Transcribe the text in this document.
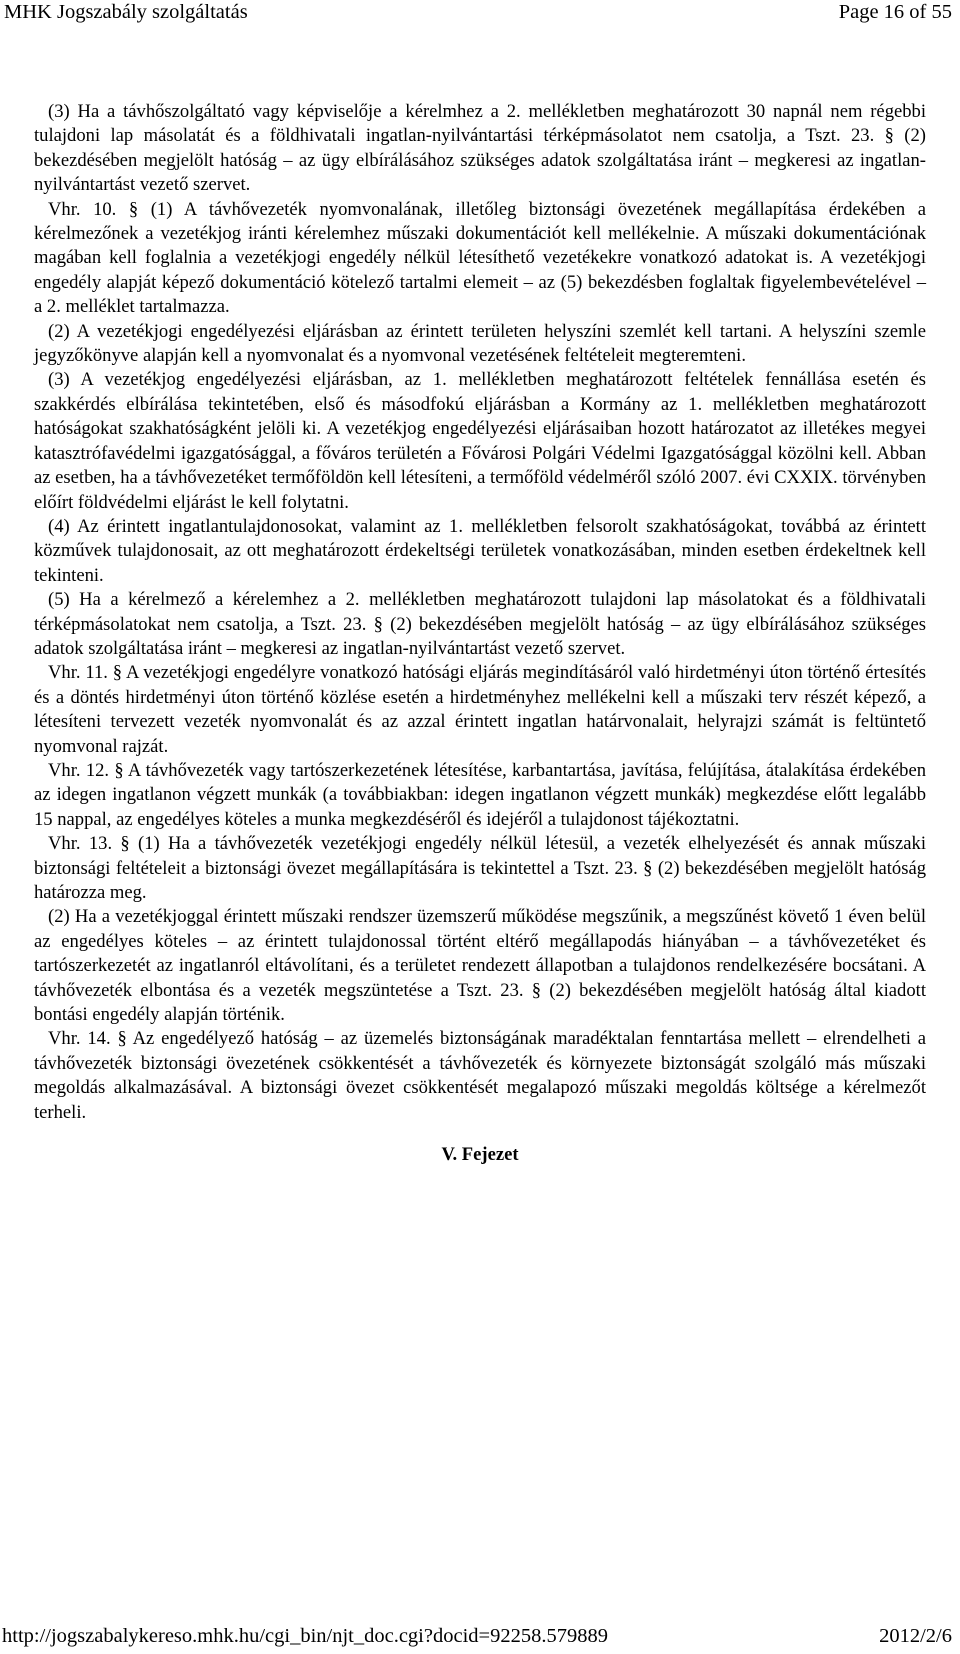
MHK Jogszabály szolgáltatás	Page 16 of 55

(3) Ha a távhőszolgáltató vagy képviselője a kérelmhez a 2. mellékletben meghatározott 30 napnál nem régebbi tulajdoni lap másolatát és a földhivatali ingatlan-nyilvántartási térképmásolatot nem csatolja, a Tszt. 23. § (2) bekezdésében megjelölt hatóság – az ügy elbírálásához szükséges adatok szolgáltatása iránt – megkeresi az ingatlan-nyilvántartást vezető szervet.

Vhr. 10. § (1) A távhővezeték nyomvonalának, illetőleg biztonsági övezetének megállapítása érdekében a kérelmezőnek a vezetékjog iránti kérelemhez műszaki dokumentációt kell mellékelnie. A műszaki dokumentációnak magában kell foglalnia a vezetékjogi engedély nélkül létesíthető vezetékekre vonatkozó adatokat is. A vezetékjogi engedély alapját képező dokumentáció kötelező tartalmi elemeit – az (5) bekezdésben foglaltak figyelembevételével – a 2. melléklet tartalmazza.

(2) A vezetékjogi engedélyezési eljárásban az érintett területen helyszíni szemlét kell tartani. A helyszíni szemle jegyzőkönyve alapján kell a nyomvonalat és a nyomvonal vezetésének feltételeit megteremteni.

(3) A vezetékjog engedélyezési eljárásban, az 1. mellékletben meghatározott feltételek fennállása esetén és szakkérdés elbírálása tekintetében, első és másodfokú eljárásban a Kormány az 1. mellékletben meghatározott hatóságokat szakhatóságként jelöli ki. A vezetékjog engedélyezési eljárásaiban hozott határozatot az illetékes megyei katasztrófavédelmi igazgatósággal, a főváros területén a Fővárosi Polgári Védelmi Igazgatósággal közölni kell. Abban az esetben, ha a távhővezetéket termőföldön kell létesíteni, a termőföld védelméről szóló 2007. évi CXXIX. törvényben előírt földvédelmi eljárást le kell folytatni.

(4) Az érintett ingatlantulajdonosokat, valamint az 1. mellékletben felsorolt szakhatóságokat, továbbá az érintett közművek tulajdonosait, az ott meghatározott érdekeltségi területek vonatkozásában, minden esetben érdekeltnek kell tekinteni.

(5) Ha a kérelmező a kérelemhez a 2. mellékletben meghatározott tulajdoni lap másolatokat és a földhivatali térképmásolatokat nem csatolja, a Tszt. 23. § (2) bekezdésében megjelölt hatóság – az ügy elbírálásához szükséges adatok szolgáltatása iránt – megkeresi az ingatlan-nyilvántartást vezető szervet.

Vhr. 11. § A vezetékjogi engedélyre vonatkozó hatósági eljárás megindításáról való hirdetményi úton történő értesítés és a döntés hirdetményi úton történő közlése esetén a hirdetményhez mellékelni kell a műszaki terv részét képező, a létesíteni tervezett vezeték nyomvonalát és az azzal érintett ingatlan határvonalait, helyrajzi számát is feltüntető nyomvonal rajzát.

Vhr. 12. § A távhővezeték vagy tartószerkezetének létesítése, karbantartása, javítása, felújítása, átalakítása érdekében az idegen ingatlanon végzett munkák (a továbbiakban: idegen ingatlanon végzett munkák) megkezdése előtt legalább 15 nappal, az engedélyes köteles a munka megkezdéséről és idejéről a tulajdonost tájékoztatni.

Vhr. 13. § (1) Ha a távhővezeték vezetékjogi engedély nélkül létesül, a vezeték elhelyezését és annak műszaki biztonsági feltételeit a biztonsági övezet megállapítására is tekintettel a Tszt. 23. § (2) bekezdésében megjelölt hatóság határozza meg.

(2) Ha a vezetékjoggal érintett műszaki rendszer üzemszerű működése megszűnik, a megszűnést követő 1 éven belül az engedélyes köteles – az érintett tulajdonossal történt eltérő megállapodás hiányában – a távhővezetéket és tartószerkezetét az ingatlanról eltávolítani, és a területet rendezett állapotban a tulajdonos rendelkezésére bocsátani. A távhővezeték elbontása és a vezeték megszüntetése a Tszt. 23. § (2) bekezdésében megjelölt hatóság által kiadott bontási engedély alapján történik.

Vhr. 14. § Az engedélyező hatóság – az üzemelés biztonságának maradéktalan fenntartása mellett – elrendelheti a távhővezeték biztonsági övezetének csökkentését a távhővezeték és környezete biztonságát szolgáló más műszaki megoldás alkalmazásával. A biztonsági övezet csökkentését megalapozó műszaki megoldás költsége a kérelmezőt terheli.

V. Fejezet

http://jogszabalykereso.mhk.hu/cgi_bin/njt_doc.cgi?docid=92258.579889	2012/2/6
